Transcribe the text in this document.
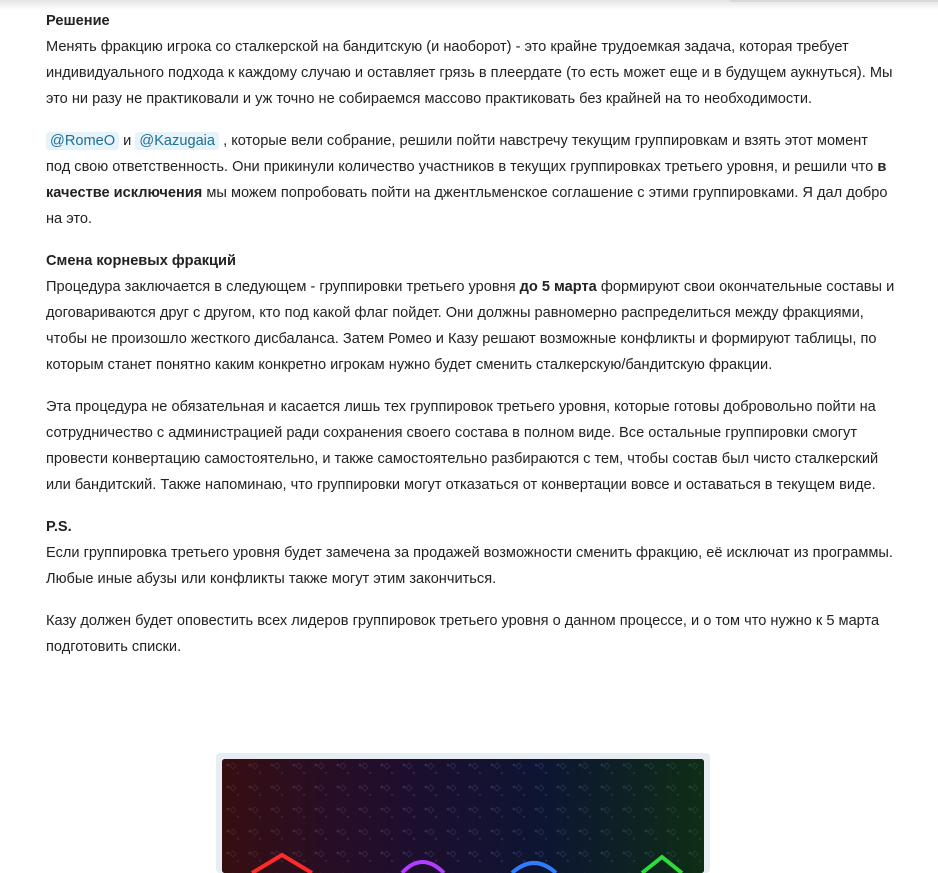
Решение
Менять фракцию игрока со сталкерской на бандитскую (и наоборот) - это крайне трудоемкая задача, которая требует индивидуального подхода к каждому случаю и оставляет грязь в плеердате (то есть может еще и в будущем аукнуться). Мы это ни разу не практиковали и уж точно не собираемся массово практиковать без крайней на то необходимости.

@RomeO и @Kazugaia , которые вели собрание, решили пойти навстречу текущим группировкам и взять этот момент под свою ответственность. Они прикинули количество участников в текущих группировках третьего уровня, и решили что в качестве исключения мы можем попробовать пойти на джентльменское соглашение с этими группировками. Я дал добро на это.

Смена корневых фракций
Процедура заключается в следующем - группировки третьего уровня до 5 марта формируют свои окончательные составы и договариваются друг с другом, кто под какой флаг пойдет. Они должны равномерно распределиться между фракциями, чтобы не произошло жесткого дисбаланса. Затем Ромео и Казу решают возможные конфликты и формируют таблицы, по которым станет понятно каким конкретно игрокам нужно будет сменить сталкерскую/бандитскую фракции.

Эта процедура не обязательная и касается лишь тех группировок третьего уровня, которые готовы добровольно пойти на сотрудничество с администрацией ради сохранения своего состава в полном виде. Все остальные группировки смогут провести конвертацию самостоятельно, и также самостоятельно разбираются с тем, чтобы состав был чисто сталкерский или бандитский. Также напоминаю, что группировки могут отказаться от конвертации вовсе и оставаться в текущем виде.

P.S.
Если группировка третьего уровня будет замечена за продажей возможности сменить фракцию, её исключат из программы. Любые иные абузы или конфликты также могут этим закончиться.

Казу должен будет оповестить всех лидеров группировок третьего уровня о данном процессе, и о том что нужно к 5 марта подготовить списки.
